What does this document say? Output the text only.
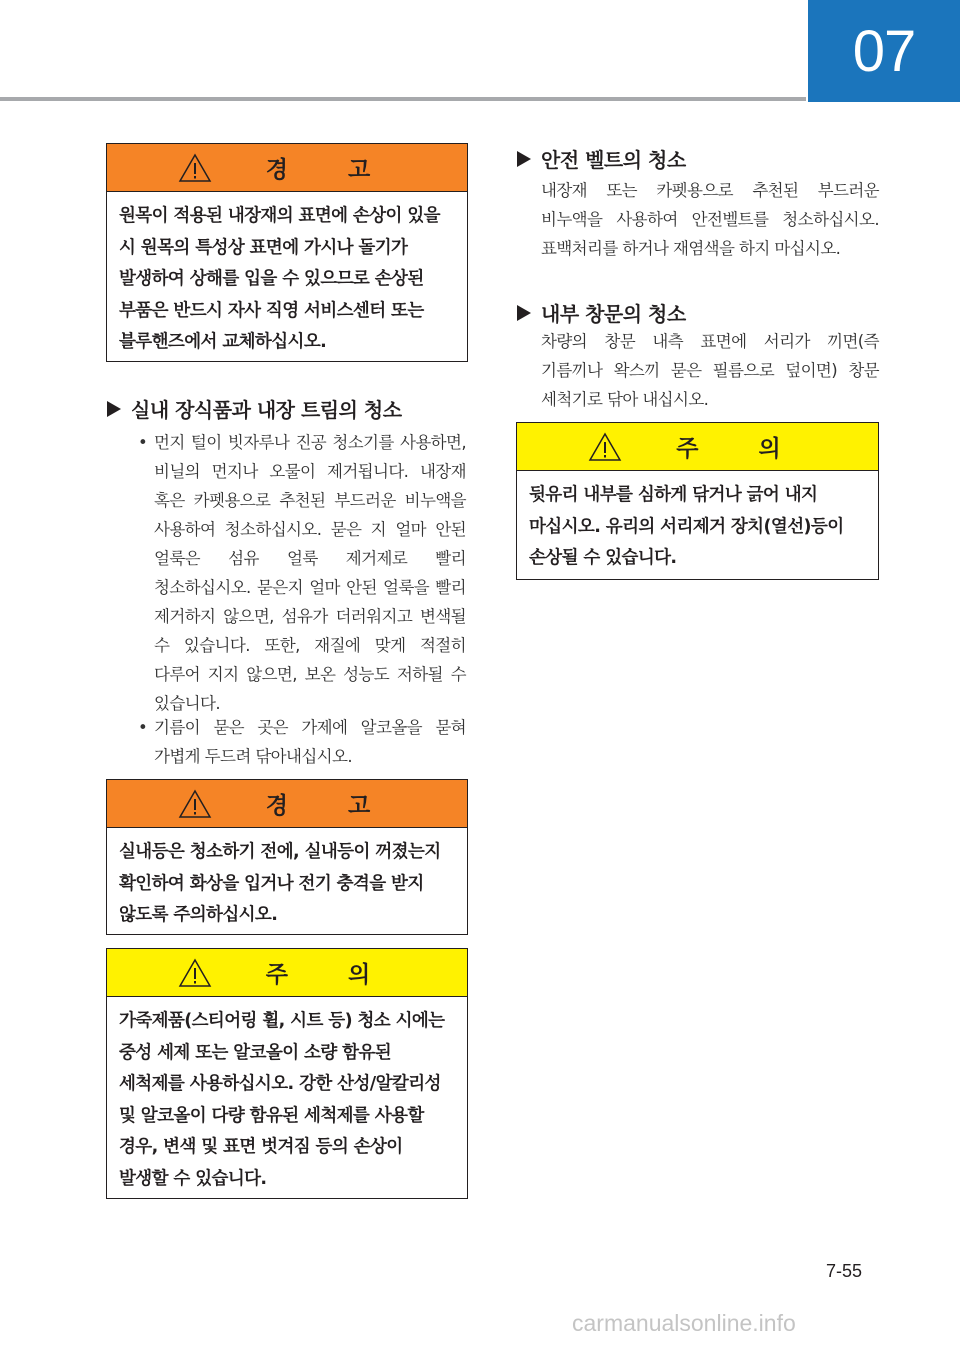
07
경 고
원목이 적용된 내장재의 표면에 손상이 있을 시 원목의 특성상 표면에 가시나 돌기가 발생하여 상해를 입을 수 있으므로 손상된 부품은 반드시 자사 직영 서비스센터 또는 블루핸즈에서 교체하십시오.
실내 장식품과 내장 트림의 청소
• 먼지 털이 빗자루나 진공 청소기를 사용하면, 비닐의 먼지나 오물이 제거됩니다. 내장재 혹은 카펫용으로 추천된 부드러운 비누액을 사용하여 청소하십시오. 묻은 지 얼마 안된 얼룩은 섬유 얼룩 제거제로 빨리 청소하십시오. 묻은지 얼마 안된 얼룩을 빨리 제거하지 않으면, 섬유가 더러워지고 변색될 수 있습니다. 또한, 재질에 맞게 적절히 다루어 지지 않으면, 보온 성능도 저하될 수 있습니다.
• 기름이 묻은 곳은 가제에 알코올을 묻혀 가볍게 두드려 닦아내십시오.
경 고
실내등은 청소하기 전에, 실내등이 꺼졌는지 확인하여 화상을 입거나 전기 충격을 받지 않도록 주의하십시오.
주 의
가죽제품(스티어링 휠, 시트 등) 청소 시에는 중성 세제 또는 알코올이 소량 함유된 세척제를 사용하십시오. 강한 산성/알칼리성 및 알코올이 다량 함유된 세척제를 사용할 경우, 변색 및 표면 벗겨짐 등의 손상이 발생할 수 있습니다.
안전 벨트의 청소
내장재 또는 카펫용으로 추천된 부드러운 비누액을 사용하여 안전벨트를 청소하십시오. 표백처리를 하거나 재염색을 하지 마십시오.
내부 창문의 청소
차량의 창문 내측 표면에 서리가 끼면(즉 기름끼나 왁스끼 묻은 필름으로 덮이면) 창문 세척기로 닦아 내십시오.
주 의
뒷유리 내부를 심하게 닦거나 긁어 내지 마십시오. 유리의 서리제거 장치(열선)등이 손상될 수 있습니다.
7-55
carmanualsonline.info
